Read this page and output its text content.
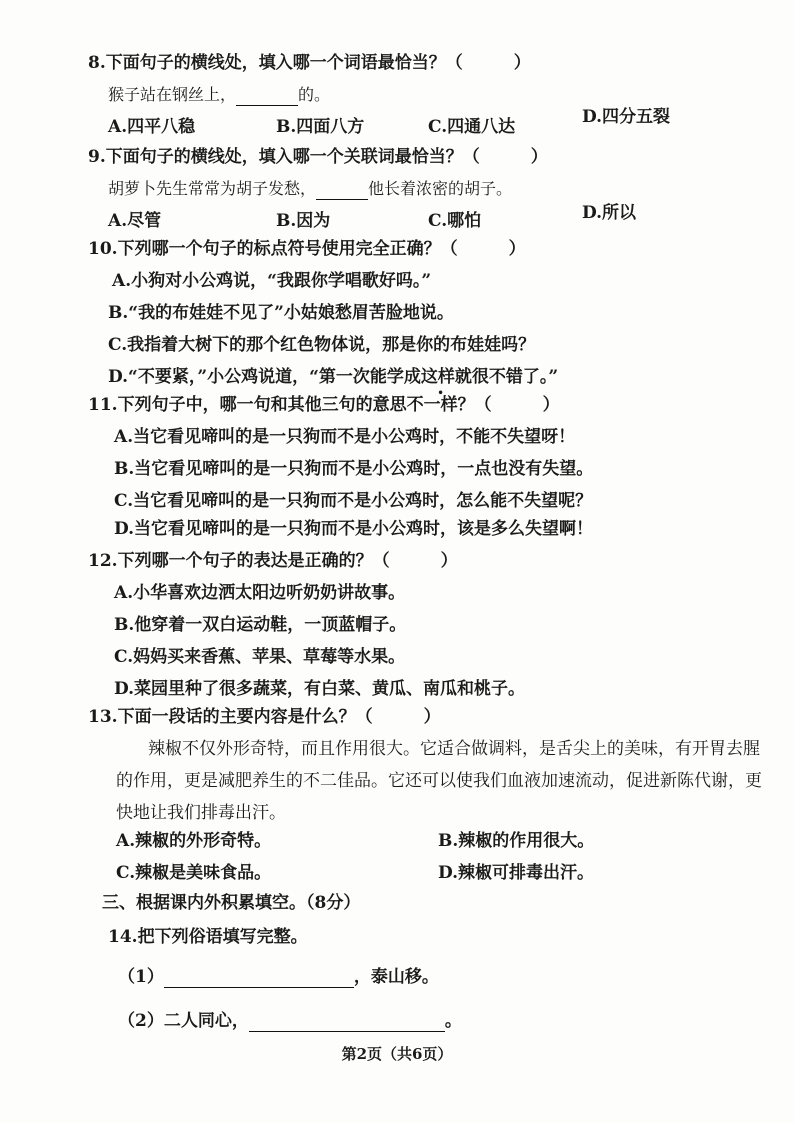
8.下面句子的横线处，填入哪一个词语最恰当？（　　　）
猴子站在钢丝上，	的。
A.四平八稳	B.四面八方	C.四通八达	D.四分五裂
9.下面句子的横线处，填入哪一个关联词最恰当？（　　　）
胡萝卜先生常常为胡子发愁，	他长着浓密的胡子。
A.尽管	B.因为	C.哪怕	D.所以
10.下列哪一个句子的标点符号使用完全正确？（　　　）
A.小狗对小公鸡说，“我跟你学唱歌好吗。”
B.“我的布娃娃不见了”小姑娘愁眉苦脸地说。
C.我指着大树下的那个红色物体说，那是你的布娃娃吗？
D.“不要紧，”小公鸡说道，“第一次能学成这样就很不错了。”
11.下列句子中，哪一句和其他三句的意思不一样？（　　　）
A.当它看见啼叫的是一只狗而不是小公鸡时，不能不失望呀！
B.当它看见啼叫的是一只狗而不是小公鸡时，一点也没有失望。
C.当它看见啼叫的是一只狗而不是小公鸡时，怎么能不失望呢？
D.当它看见啼叫的是一只狗而不是小公鸡时，该是多么失望啊！
12.下列哪一个句子的表达是正确的？（　　　）
A.小华喜欢边洒太阳边听奶奶讲故事。
B.他穿着一双白运动鞋，一顶蓝帽子。
C.妈妈买来香蕉、苹果、草莓等水果。
D.菜园里种了很多蔬菜，有白菜、黄瓜、南瓜和桃子。
13.下面一段话的主要内容是什么？（　　　）
辣椒不仅外形奇特，而且作用很大。它适合做调料，是舌尖上的美味，有开胃去腥
的作用，更是减肥养生的不二佳品。它还可以使我们血液加速流动，促进新陈代谢，更
快地让我们排毒出汗。
A.辣椒的外形奇特。	B.辣椒的作用很大。
C.辣椒是美味食品。	D.辣椒可排毒出汗。
三、根据课内外积累填空。（8分）
14.把下列俗语填写完整。
（1）	，泰山移。
（2）二人同心，	。
第2页（共6页）
